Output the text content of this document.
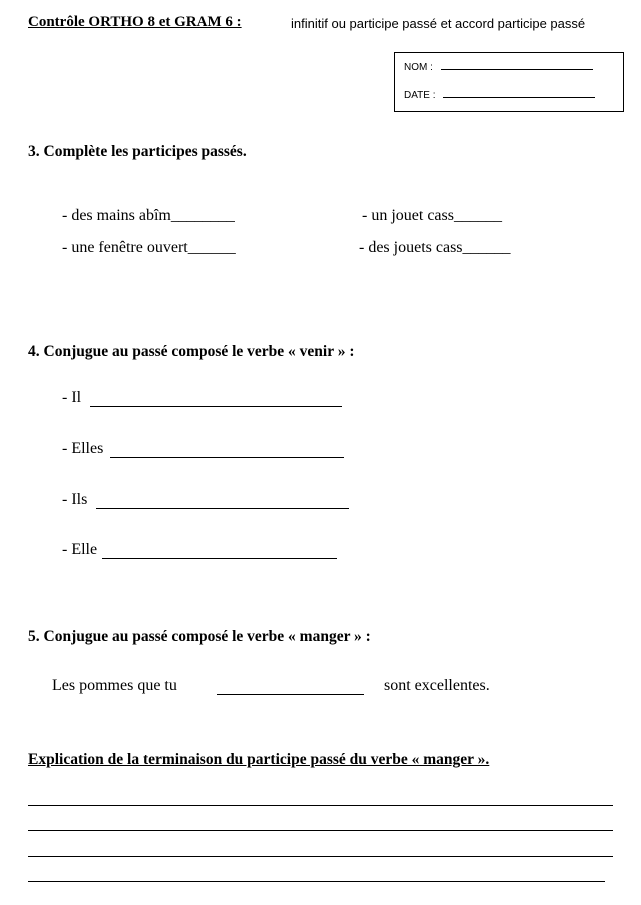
Contrôle ORTHO 8 et GRAM 6 :	infinitif ou participe passé et accord participe passé
NOM :
DATE :
3. Complète les participes passés.
- des mains abîm________	- un jouet cass______
- une fenêtre ouvert______	- des jouets cass______
4. Conjugue au passé composé le verbe « venir » :
- Il
- Elles
- Ils
- Elle
5. Conjugue au passé composé le verbe « manger » :
Les pommes que tu	sont excellentes.
Explication de la terminaison du participe passé du verbe « manger ».
